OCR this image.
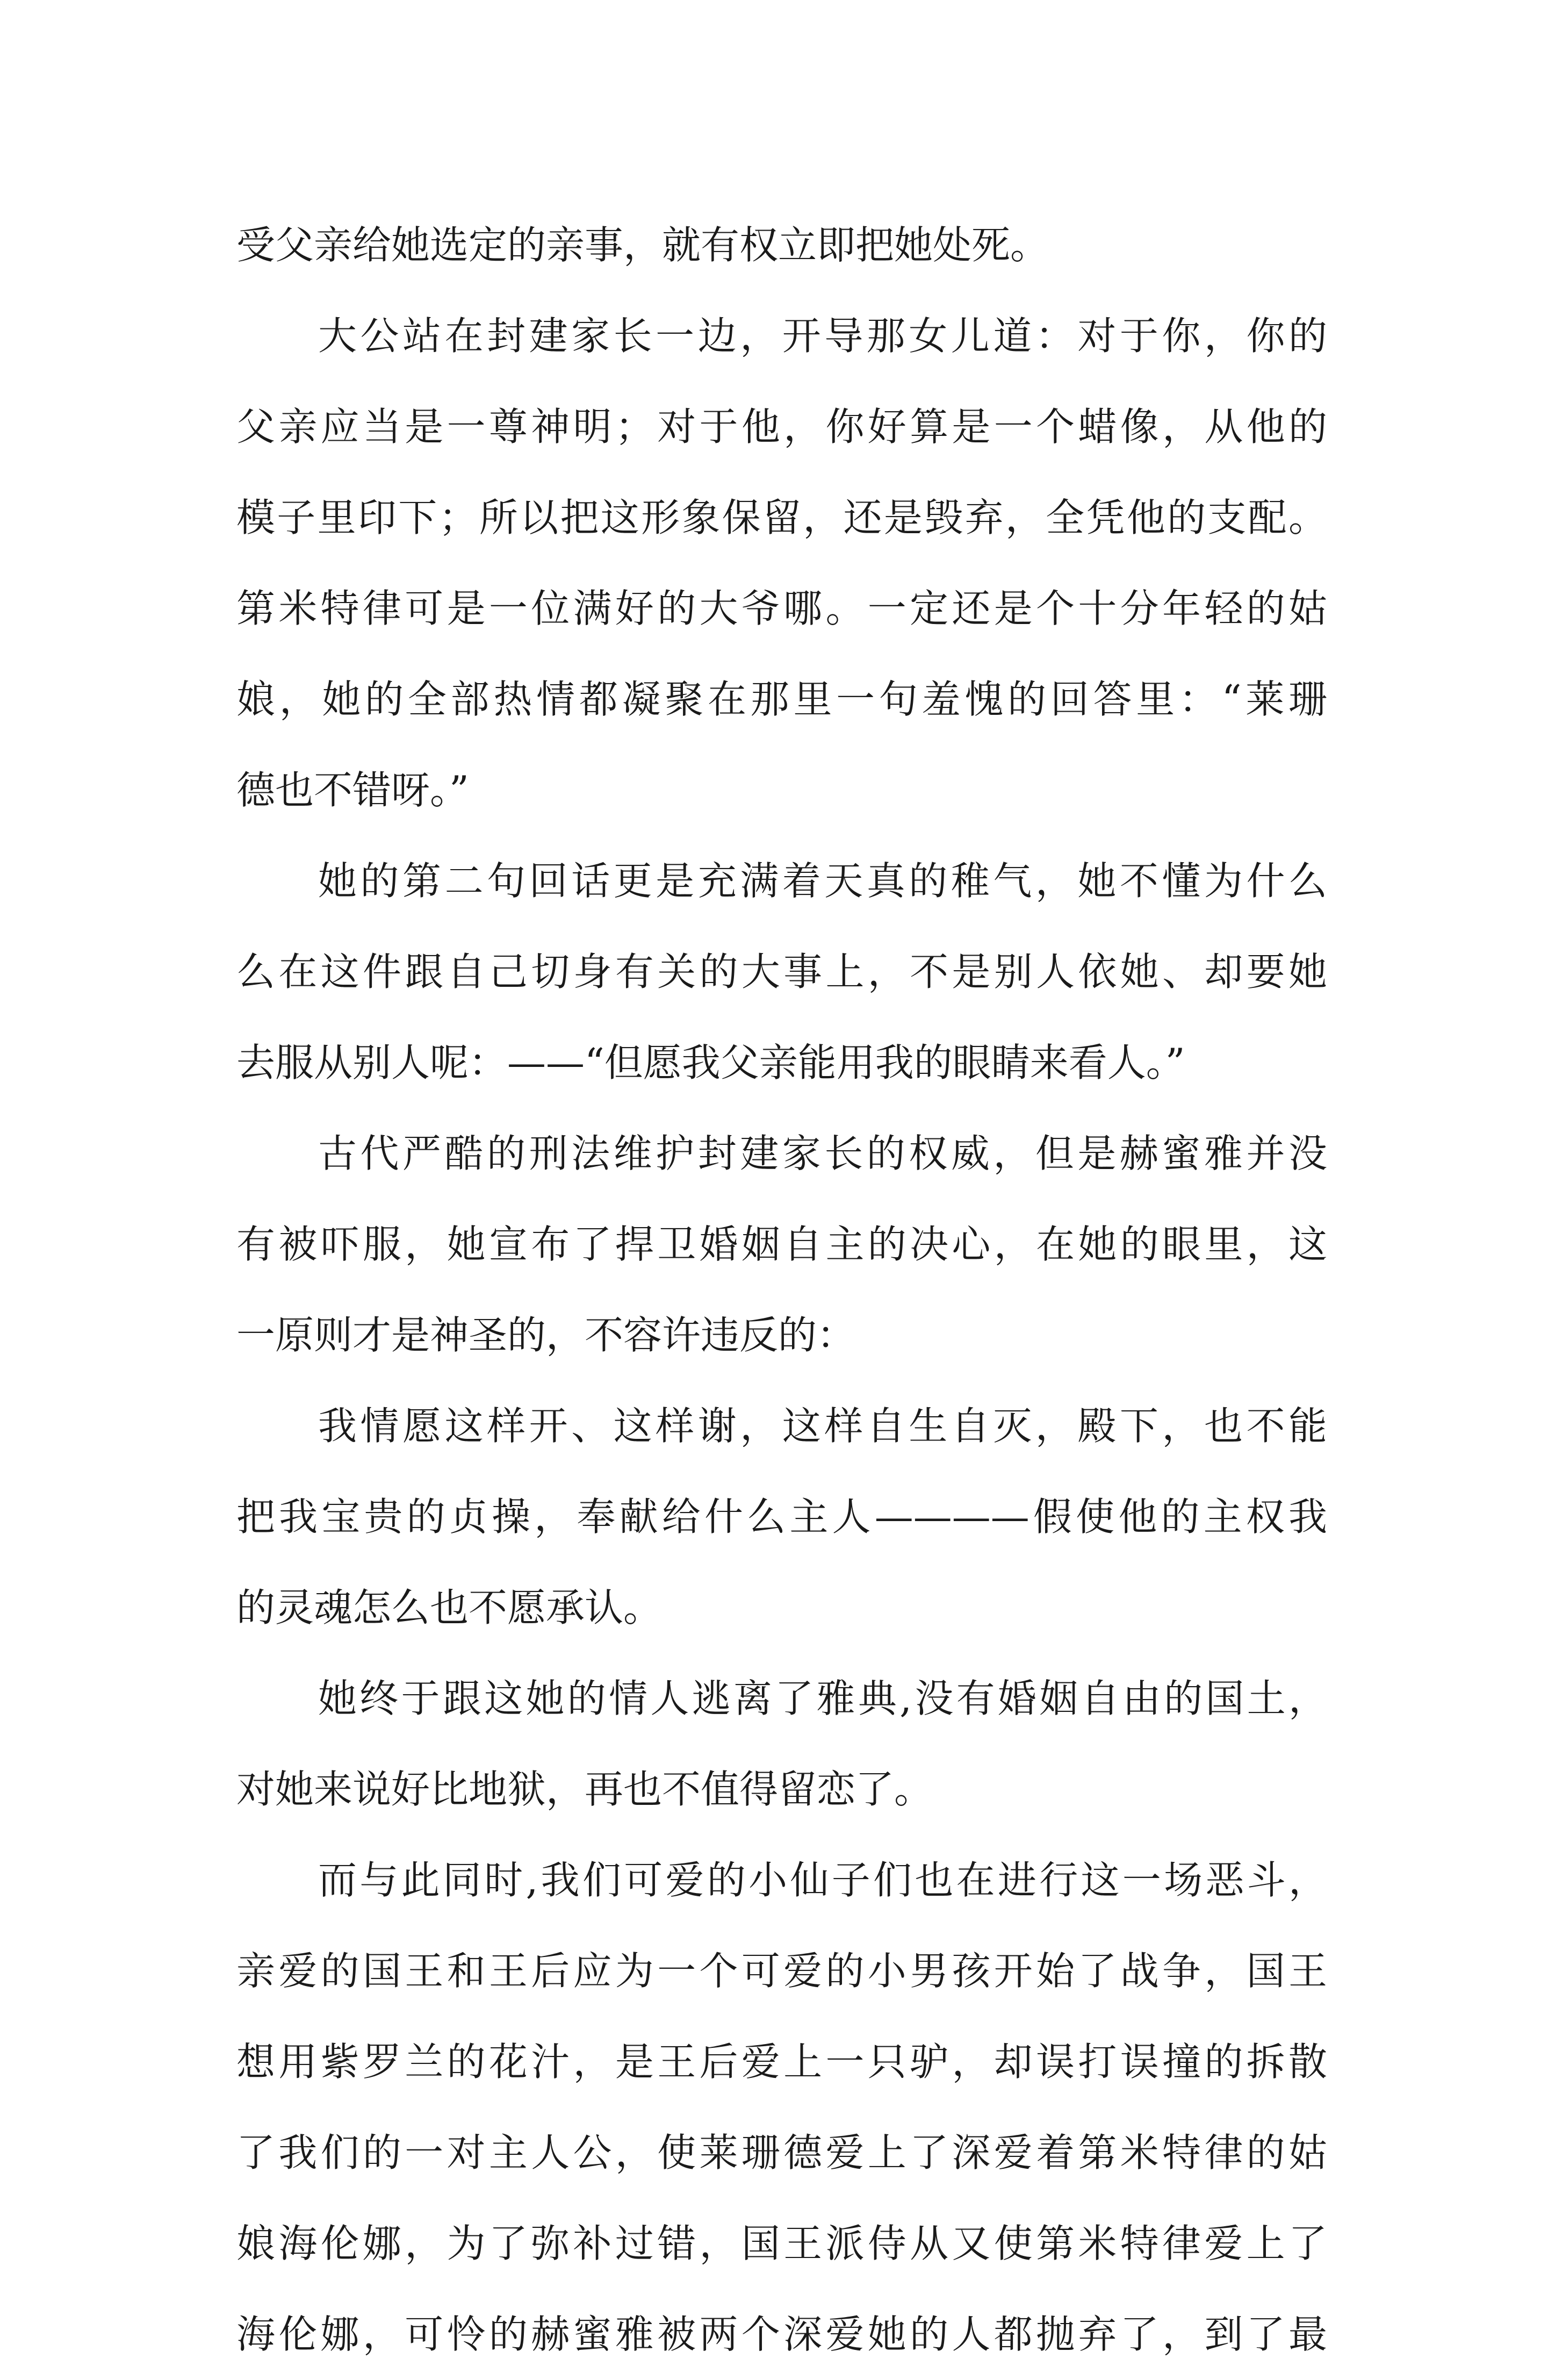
受父亲给她选定的亲事，就有权立即把她处死。
大公站在封建家长一边，开导那女儿道：对于你，你的
父亲应当是一尊神明；对于他，你好算是一个蜡像，从他的
模子里印下；所以把这形象保留，还是毁弃，全凭他的支配。
第米特律可是一位满好的大爷哪。一定还是个十分年轻的姑
娘，她的全部热情都凝聚在那里一句羞愧的回答里：“莱珊
德也不错呀。”
她的第二句回话更是充满着天真的稚气，她不懂为什么
么在这件跟自己切身有关的大事上，不是别人依她、却要她
去服从别人呢：——“但愿我父亲能用我的眼睛来看人。”
古代严酷的刑法维护封建家长的权威，但是赫蜜雅并没
有被吓服，她宣布了捍卫婚姻自主的决心，在她的眼里，这
一原则才是神圣的，不容许违反的：
我情愿这样开、这样谢，这样自生自灭，殿下，也不能
把我宝贵的贞操，奉献给什么主人————假使他的主权我
的灵魂怎么也不愿承认。
她终于跟这她的情人逃离了雅典,没有婚姻自由的国土，
对她来说好比地狱，再也不值得留恋了。
而与此同时,我们可爱的小仙子们也在进行这一场恶斗，
亲爱的国王和王后应为一个可爱的小男孩开始了战争，国王
想用紫罗兰的花汁，是王后爱上一只驴，却误打误撞的拆散
了我们的一对主人公，使莱珊德爱上了深爱着第米特律的姑
娘海伦娜，为了弥补过错，国王派侍从又使第米特律爱上了
海伦娜，可怜的赫蜜雅被两个深爱她的人都抛弃了，到了最
